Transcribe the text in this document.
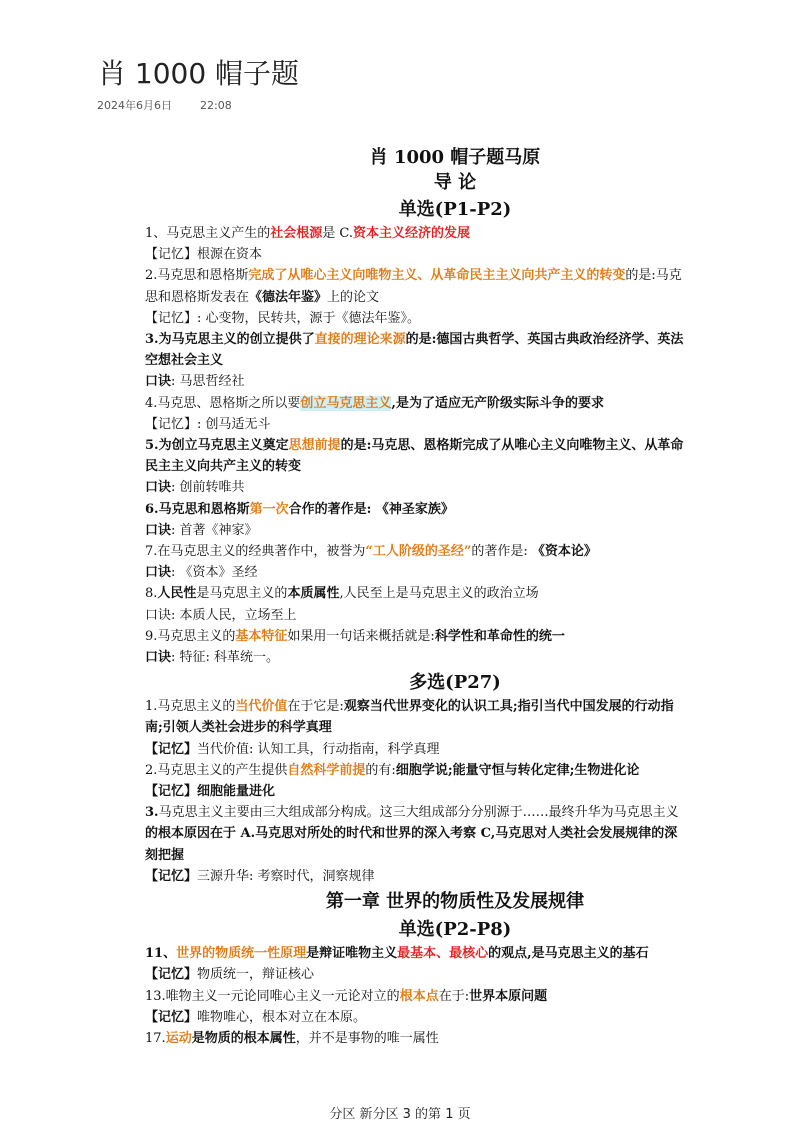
肖 1000 帽子题
2024年6月6日	22:08
肖 1000 帽子题马原
导 论
单选(P1-P2)

1、马克思主义产生的社会根源是 C.资本主义经济的发展

【记忆】根源在资本

2.马克思和恩格斯完成了从唯心主义向唯物主义、从革命民主主义向共产主义的转变的是:马克

思和恩格斯发表在《德法年鉴》上的论文

【记忆】: 心变物，民转共，源于《德法年鉴》。

3.为马克思主义的创立提供了直接的理论来源的是:德国古典哲学、英国古典政治经济学、英法

空想社会主义

口诀: 马思哲经社

4.马克思、恩格斯之所以要创立马克思主义,是为了适应无产阶级实际斗争的要求

【记忆】: 创马适无斗

5.为创立马克思主义奠定思想前提的是:马克思、恩格斯完成了从唯心主义向唯物主义、从革命

民主主义向共产主义的转变

口诀: 创前转唯共

6.马克思和恩格斯第一次合作的著作是: 《神圣家族》

口诀: 首著《神家》

7.在马克思主义的经典著作中，被誉为“工人阶级的圣经”的著作是: 《资本论》

口诀: 《资本》圣经

8.人民性是马克思主义的本质属性,人民至上是马克思主义的政治立场

口诀: 本质人民，立场至上

9.马克思主义的基本特征如果用一句话来概括就是:科学性和革命性的统一

口诀: 特征: 科革统一。

多选(P27)

1.马克思主义的当代价值在于它是:观察当代世界变化的认识工具;指引当代中国发展的行动指

南;引领人类社会进步的科学真理

【记忆】当代价值: 认知工具，行动指南，科学真理

2.马克思主义的产生提供自然科学前提的有:细胞学说;能量守恒与转化定律;生物进化论

【记忆】细胞能量进化

3.马克思主义主要由三大组成部分构成。这三大组成部分分别源于……最终升华为马克思主义

的根本原因在于 A.马克思对所处的时代和世界的深入考察 C,马克思对人类社会发展规律的深

刻把握

【记忆】三源升华: 考察时代，洞察规律

第一章 世界的物质性及发展规律
单选(P2-P8)

11、世界的物质统一性原理是辩证唯物主义最基本、最核心的观点,是马克思主义的基石

【记忆】物质统一，辩证核心

13.唯物主义一元论同唯心主义一元论对立的根本点在于:世界本原问题

【记忆】唯物唯心，根本对立在本原。

17.运动是物质的根本属性，并不是事物的唯一属性

分区 新分区 3 的第 1 页
